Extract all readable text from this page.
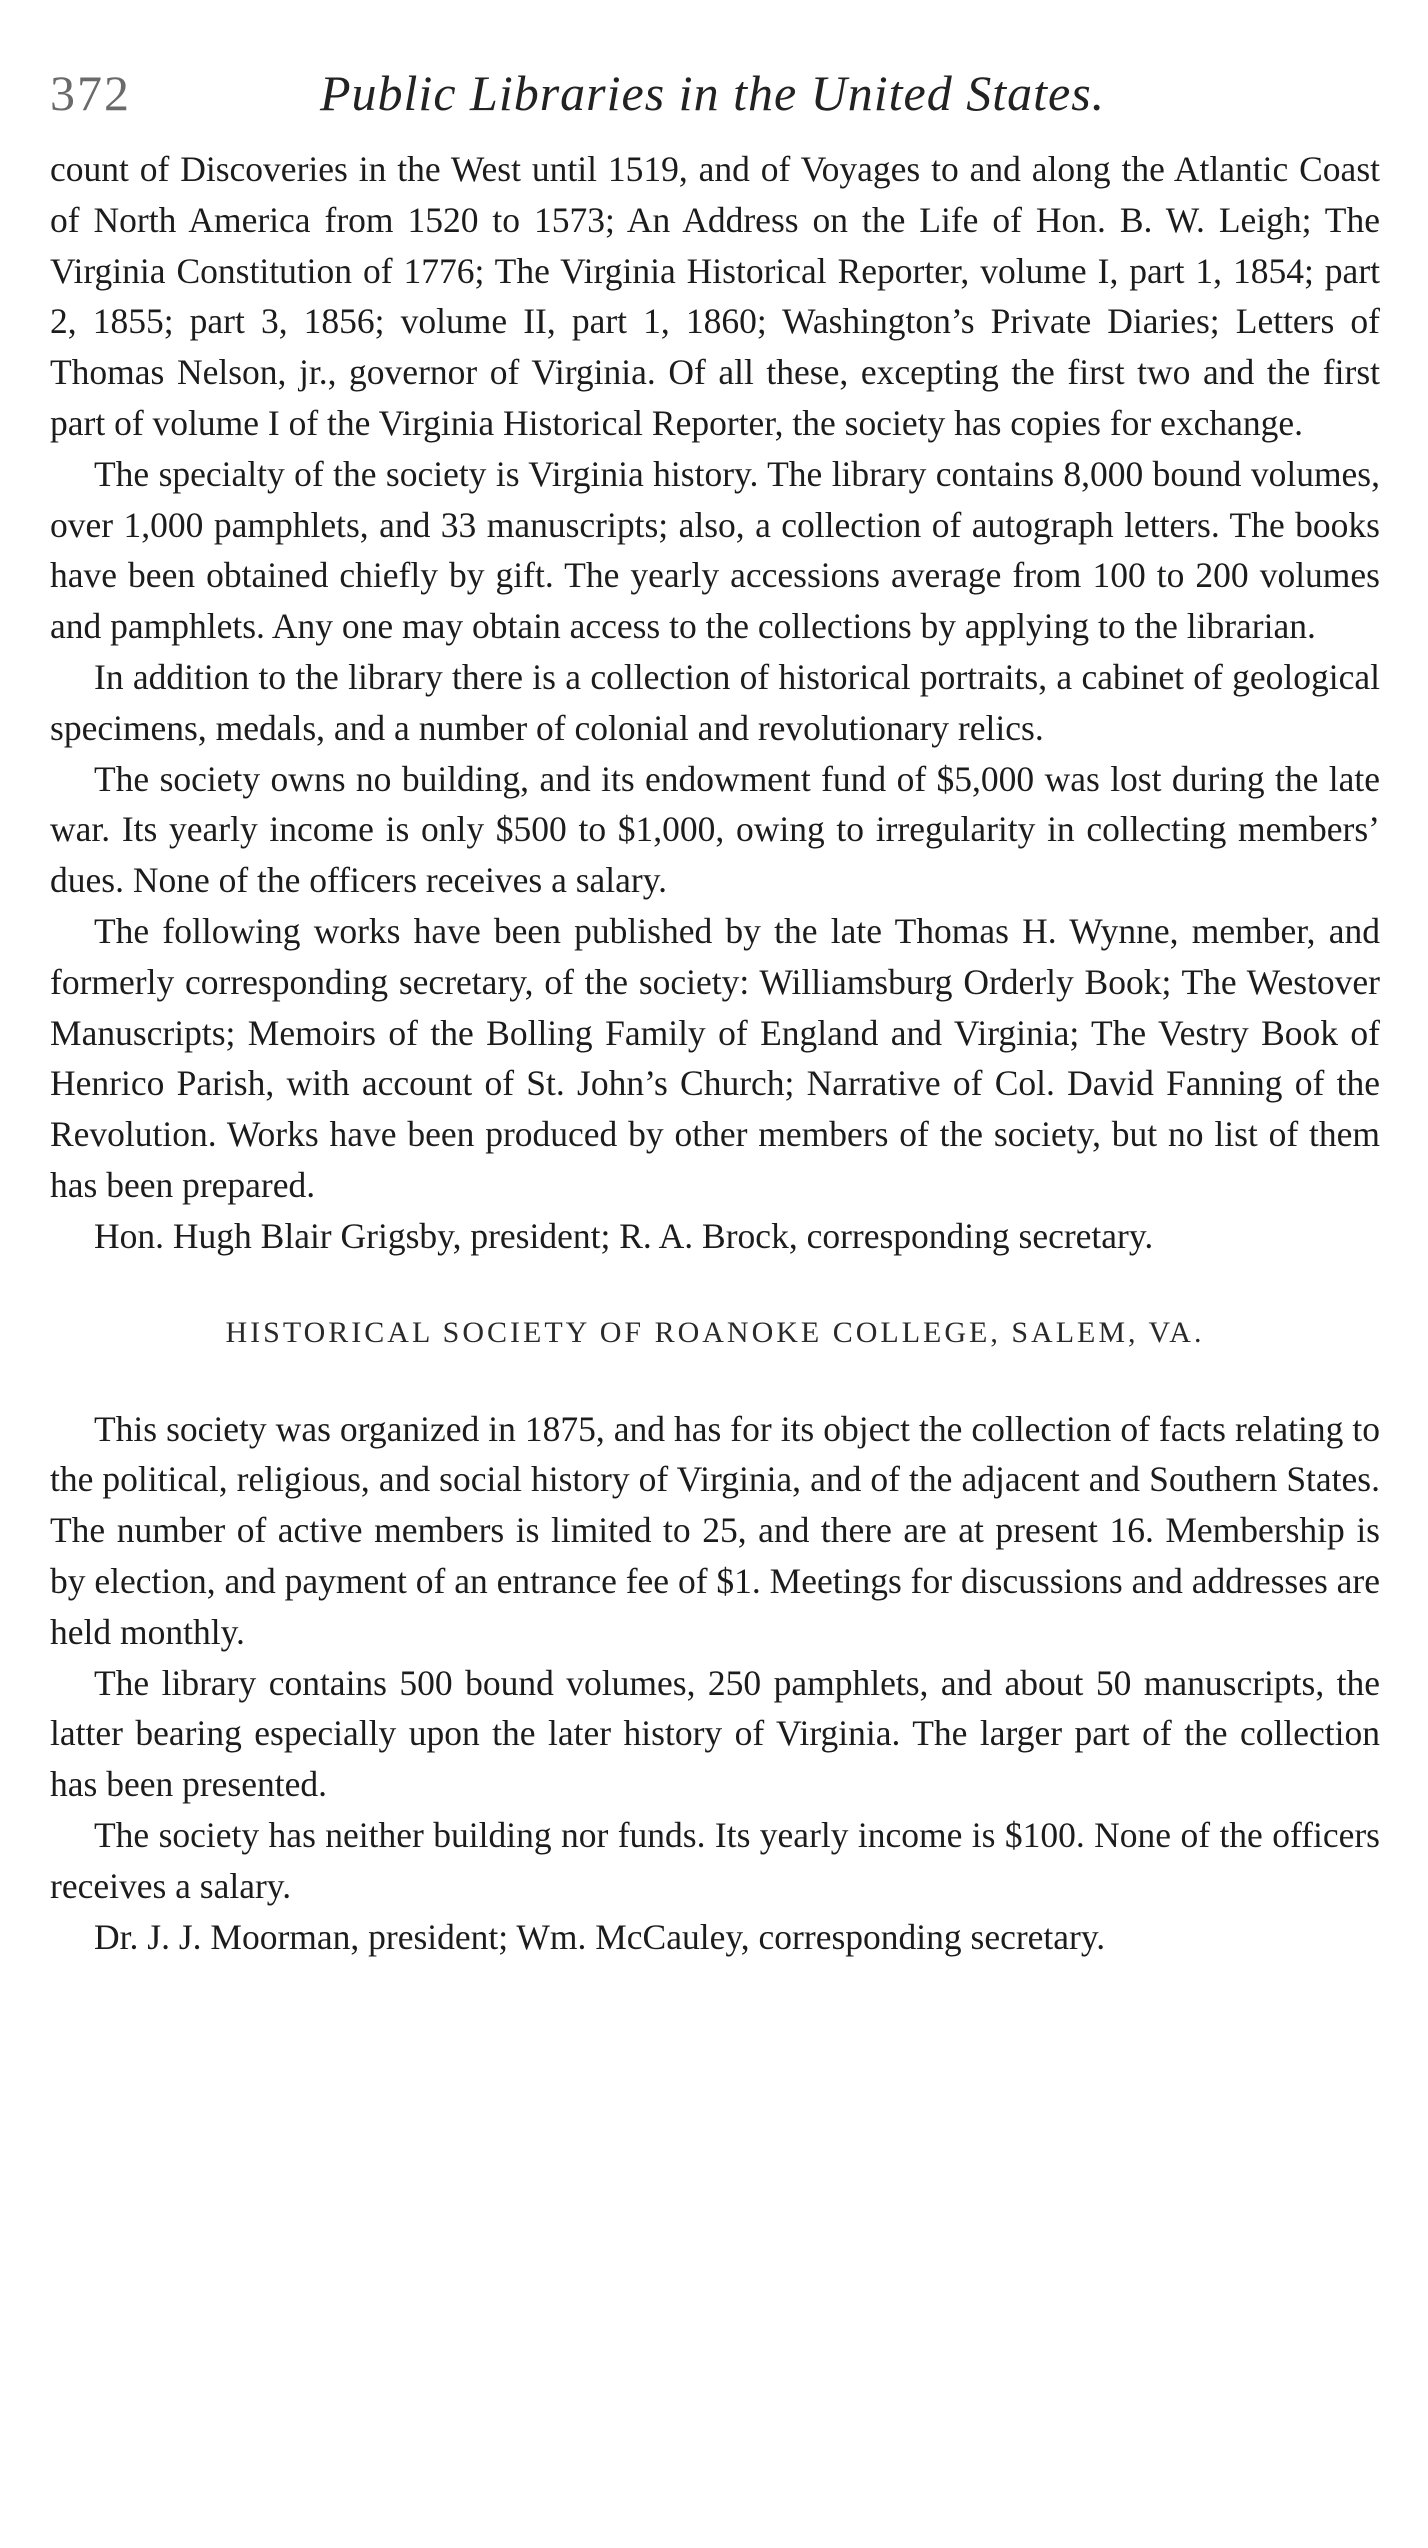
372	Public Libraries in the United States.

count of Discoveries in the West until 1519, and of Voyages to and along the Atlantic Coast of North America from 1520 to 1573; An Address on the Life of Hon. B. W. Leigh; The Virginia Constitution of 1776; The Virginia Historical Reporter, volume I, part 1, 1854; part 2, 1855; part 3, 1856; volume II, part 1, 1860; Washington’s Private Diaries; Letters of Thomas Nelson, jr., governor of Virginia. Of all these, excepting the first two and the first part of volume I of the Virginia Historical Reporter, the society has copies for exchange.

The specialty of the society is Virginia history. The library contains 8,000 bound volumes, over 1,000 pamphlets, and 33 manuscripts; also, a collection of autograph letters. The books have been obtained chiefly by gift. The yearly accessions average from 100 to 200 volumes and pamphlets. Any one may obtain access to the collections by applying to the librarian.

In addition to the library there is a collection of historical portraits, a cabinet of geological specimens, medals, and a number of colonial and revolutionary relics.

The society owns no building, and its endowment fund of $5,000 was lost during the late war. Its yearly income is only $500 to $1,000, owing to irregularity in collecting members’ dues. None of the officers receives a salary.

The following works have been published by the late Thomas H. Wynne, member, and formerly corresponding secretary, of the society: Williamsburg Orderly Book; The Westover Manuscripts; Memoirs of the Bolling Family of England and Virginia; The Vestry Book of Henrico Parish, with account of St. John’s Church; Narrative of Col. David Fanning of the Revolution. Works have been produced by other members of the society, but no list of them has been prepared.

Hon. Hugh Blair Grigsby, president; R. A. Brock, corresponding secretary.

HISTORICAL SOCIETY OF ROANOKE COLLEGE, SALEM, VA.

This society was organized in 1875, and has for its object the collection of facts relating to the political, religious, and social history of Virginia, and of the adjacent and Southern States. The number of active members is limited to 25, and there are at present 16. Membership is by election, and payment of an entrance fee of $1. Meetings for discussions and addresses are held monthly.

The library contains 500 bound volumes, 250 pamphlets, and about 50 manuscripts, the latter bearing especially upon the later history of Virginia. The larger part of the collection has been presented.

The society has neither building nor funds. Its yearly income is $100. None of the officers receives a salary.

Dr. J. J. Moorman, president; Wm. McCauley, corresponding secretary.
